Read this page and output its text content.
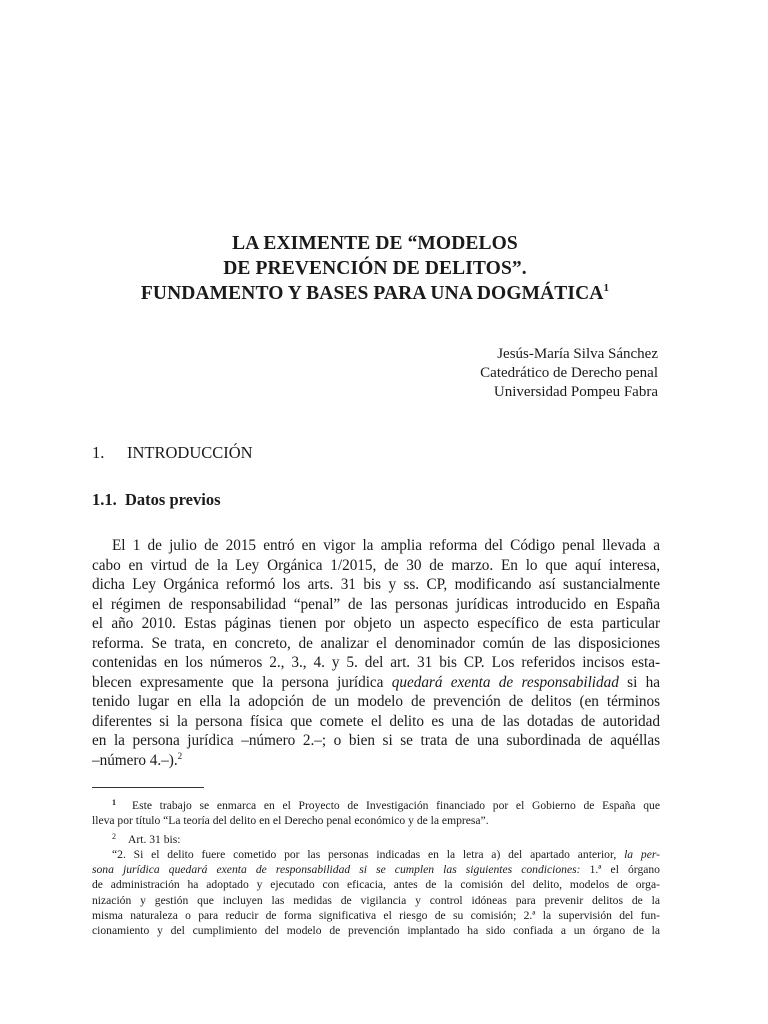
LA EXIMENTE DE “MODELOS
DE PREVENCIÓN DE DELITOS”.
FUNDAMENTO Y BASES PARA UNA DOGMÁTICA$^1$
Jesús-María Silva Sánchez
Catedrático de Derecho penal
Universidad Pompeu Fabra
1. INTRODUCCIÓN
1.1. Datos previos
El 1 de julio de 2015 entró en vigor la amplia reforma del Código penal llevada a
cabo en virtud de la Ley Orgánica 1/2015, de 30 de marzo. En lo que aquí interesa,
dicha Ley Orgánica reformó los arts. 31 bis y ss. CP, modificando así sustancialmente
el régimen de responsabilidad “penal” de las personas jurídicas introducido en España
el año 2010. Estas páginas tienen por objeto un aspecto específico de esta particular
reforma. Se trata, en concreto, de analizar el denominador común de las disposiciones
contenidas en los números 2., 3., 4. y 5. del art. 31 bis CP. Los referidos incisos esta-
blecen expresamente que la persona jurídica quedará exenta de responsabilidad si ha
tenido lugar en ella la adopción de un modelo de prevención de delitos (en términos
diferentes si la persona física que comete el delito es una de las dotadas de autoridad
en la persona jurídica –número 2.–; o bien si se trata de una subordinada de aquéllas
–número 4.–).$^2$
1 Este trabajo se enmarca en el Proyecto de Investigación financiado por el Gobierno de España que
lleva por título “La teoría del delito en el Derecho penal económico y de la empresa”.
2 Art. 31 bis:
“2. Si el delito fuere cometido por las personas indicadas en la letra a) del apartado anterior, la per-
sona jurídica quedará exenta de responsabilidad si se cumplen las siguientes condiciones: 1.ª el órgano
de administración ha adoptado y ejecutado con eficacia, antes de la comisión del delito, modelos de orga-
nización y gestión que incluyen las medidas de vigilancia y control idóneas para prevenir delitos de la
misma naturaleza o para reducir de forma significativa el riesgo de su comisión; 2.ª la supervisión del fun-
cionamiento y del cumplimiento del modelo de prevención implantado ha sido confiada a un órgano de la
